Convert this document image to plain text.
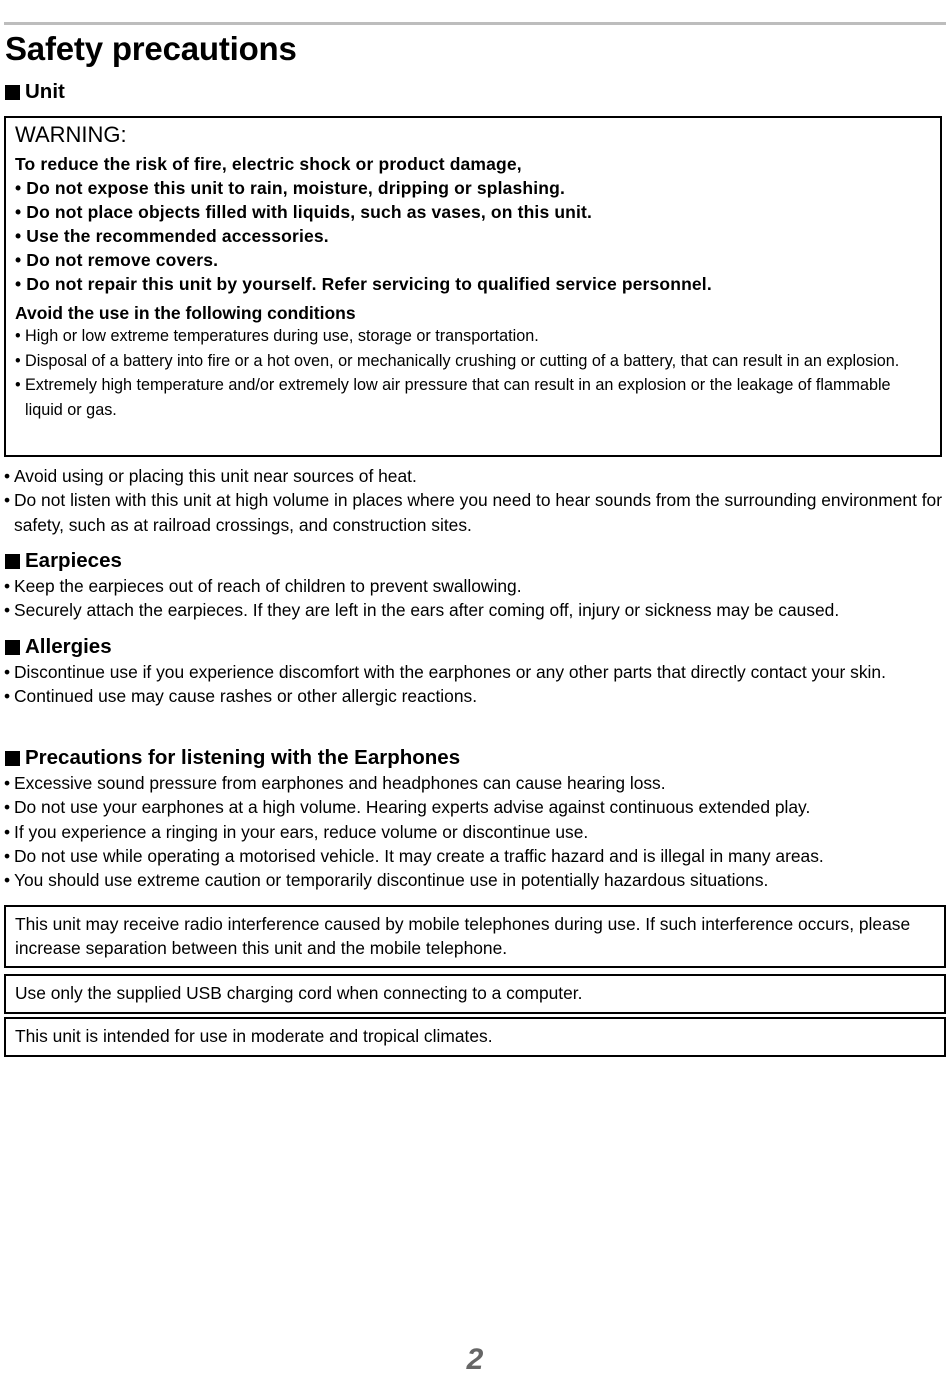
Safety precautions
Unit
WARNING:
To reduce the risk of fire, electric shock or product damage,
• Do not expose this unit to rain, moisture, dripping or splashing.
• Do not place objects filled with liquids, such as vases, on this unit.
• Use the recommended accessories.
• Do not remove covers.
• Do not repair this unit by yourself. Refer servicing to qualified service personnel.
Avoid the use in the following conditions
• High or low extreme temperatures during use, storage or transportation.
• Disposal of a battery into fire or a hot oven, or mechanically crushing or cutting of a battery, that can result in an explosion.
• Extremely high temperature and/or extremely low air pressure that can result in an explosion or the leakage of flammable liquid or gas.
• Avoid using or placing this unit near sources of heat.
• Do not listen with this unit at high volume in places where you need to hear sounds from the surrounding environment for safety, such as at railroad crossings, and construction sites.
Earpieces
• Keep the earpieces out of reach of children to prevent swallowing.
• Securely attach the earpieces. If they are left in the ears after coming off, injury or sickness may be caused.
Allergies
• Discontinue use if you experience discomfort with the earphones or any other parts that directly contact your skin.
• Continued use may cause rashes or other allergic reactions.
Precautions for listening with the Earphones
• Excessive sound pressure from earphones and headphones can cause hearing loss.
• Do not use your earphones at a high volume. Hearing experts advise against continuous extended play.
• If you experience a ringing in your ears, reduce volume or discontinue use.
• Do not use while operating a motorised vehicle. It may create a traffic hazard and is illegal in many areas.
• You should use extreme caution or temporarily discontinue use in potentially hazardous situations.
This unit may receive radio interference caused by mobile telephones during use. If such interference occurs, please increase separation between this unit and the mobile telephone.
Use only the supplied USB charging cord when connecting to a computer.
This unit is intended for use in moderate and tropical climates.
2
